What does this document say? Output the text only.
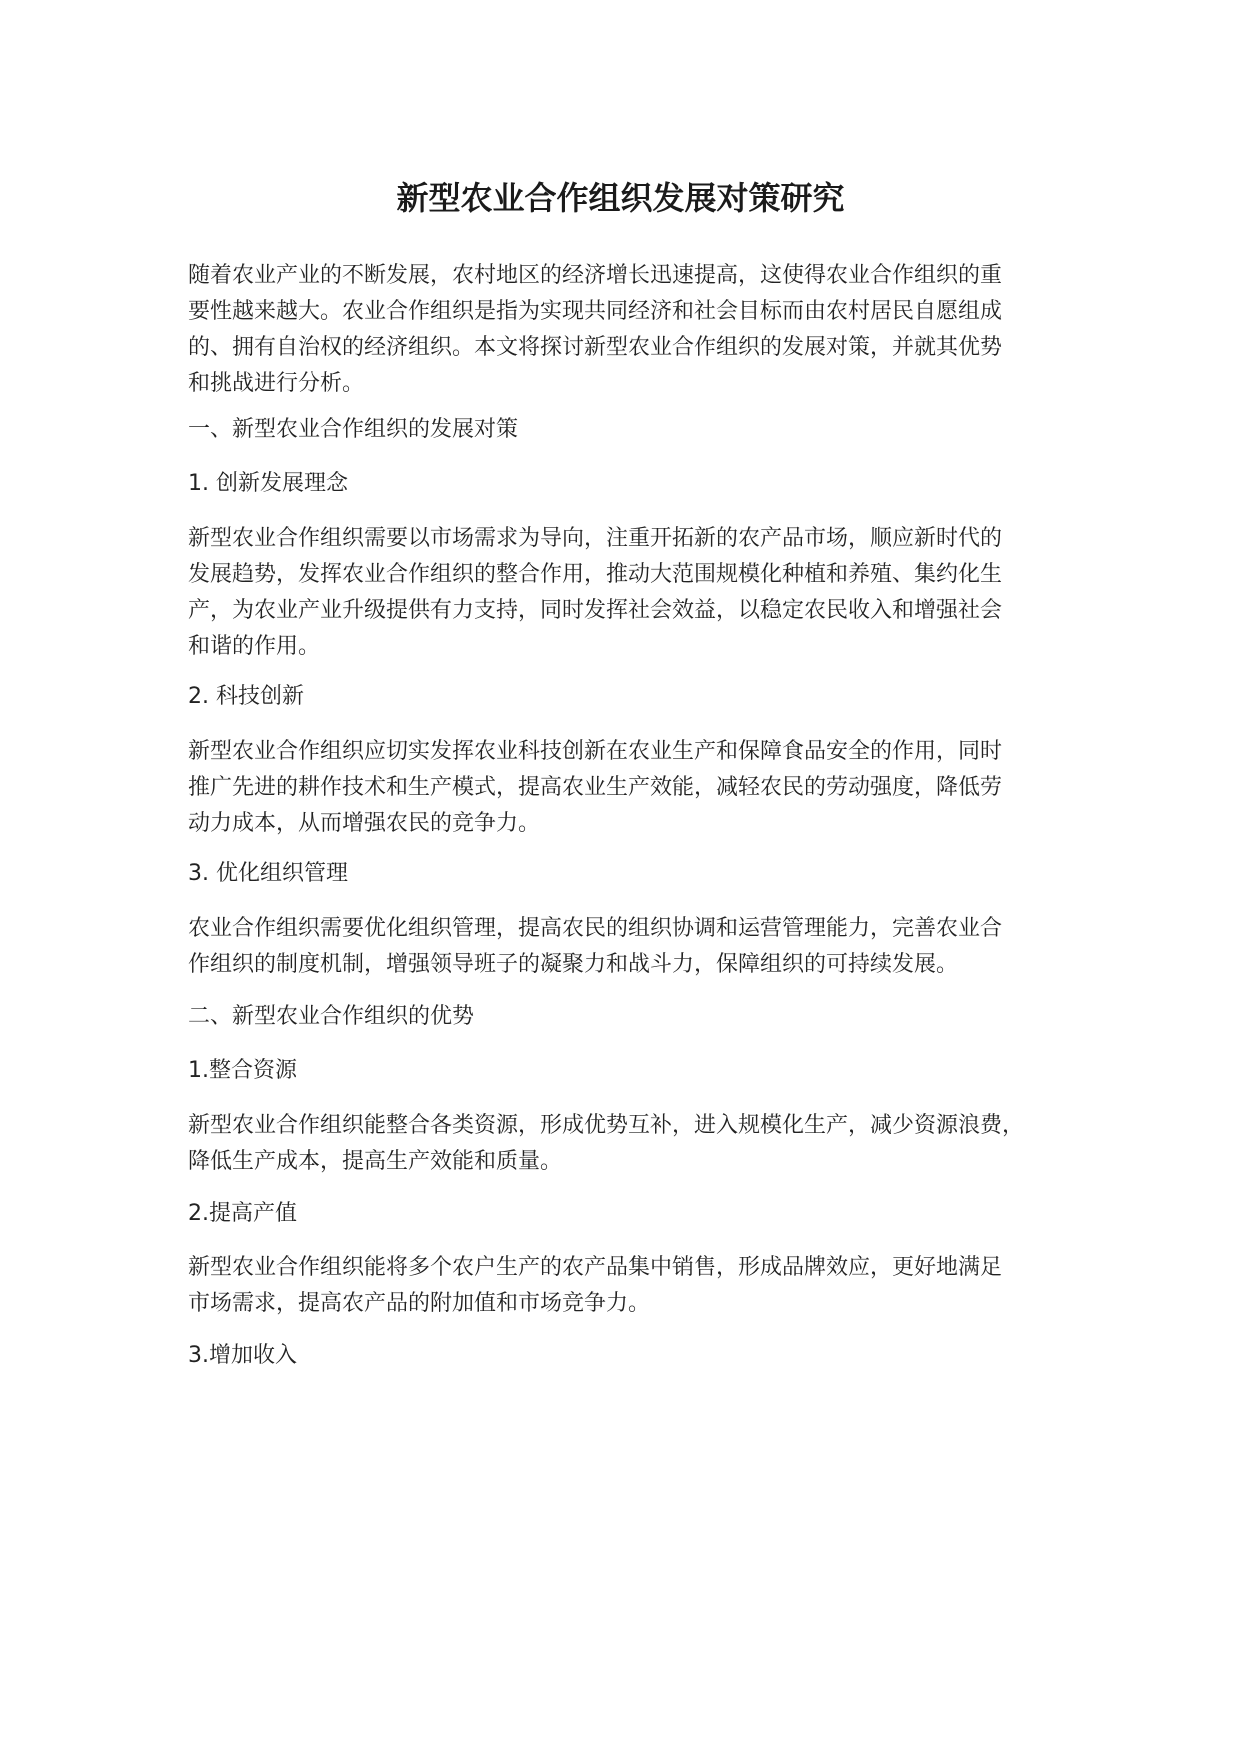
新型农业合作组织发展对策研究

随着农业产业的不断发展，农村地区的经济增长迅速提高，这使得农业合作组织的重
要性越来越大。农业合作组织是指为实现共同经济和社会目标而由农村居民自愿组成
的、拥有自治权的经济组织。本文将探讨新型农业合作组织的发展对策，并就其优势
和挑战进行分析。

一、新型农业合作组织的发展对策

1. 创新发展理念

新型农业合作组织需要以市场需求为导向，注重开拓新的农产品市场，顺应新时代的
发展趋势，发挥农业合作组织的整合作用，推动大范围规模化种植和养殖、集约化生
产，为农业产业升级提供有力支持，同时发挥社会效益，以稳定农民收入和增强社会
和谐的作用。

2. 科技创新

新型农业合作组织应切实发挥农业科技创新在农业生产和保障食品安全的作用，同时
推广先进的耕作技术和生产模式，提高农业生产效能，减轻农民的劳动强度，降低劳
动力成本，从而增强农民的竞争力。

3. 优化组织管理

农业合作组织需要优化组织管理，提高农民的组织协调和运营管理能力，完善农业合
作组织的制度机制，增强领导班子的凝聚力和战斗力，保障组织的可持续发展。

二、新型农业合作组织的优势

1.整合资源

新型农业合作组织能整合各类资源，形成优势互补，进入规模化生产，减少资源浪费，
降低生产成本，提高生产效能和质量。

2.提高产值

新型农业合作组织能将多个农户生产的农产品集中销售，形成品牌效应，更好地满足
市场需求，提高农产品的附加值和市场竞争力。

3.增加收入
